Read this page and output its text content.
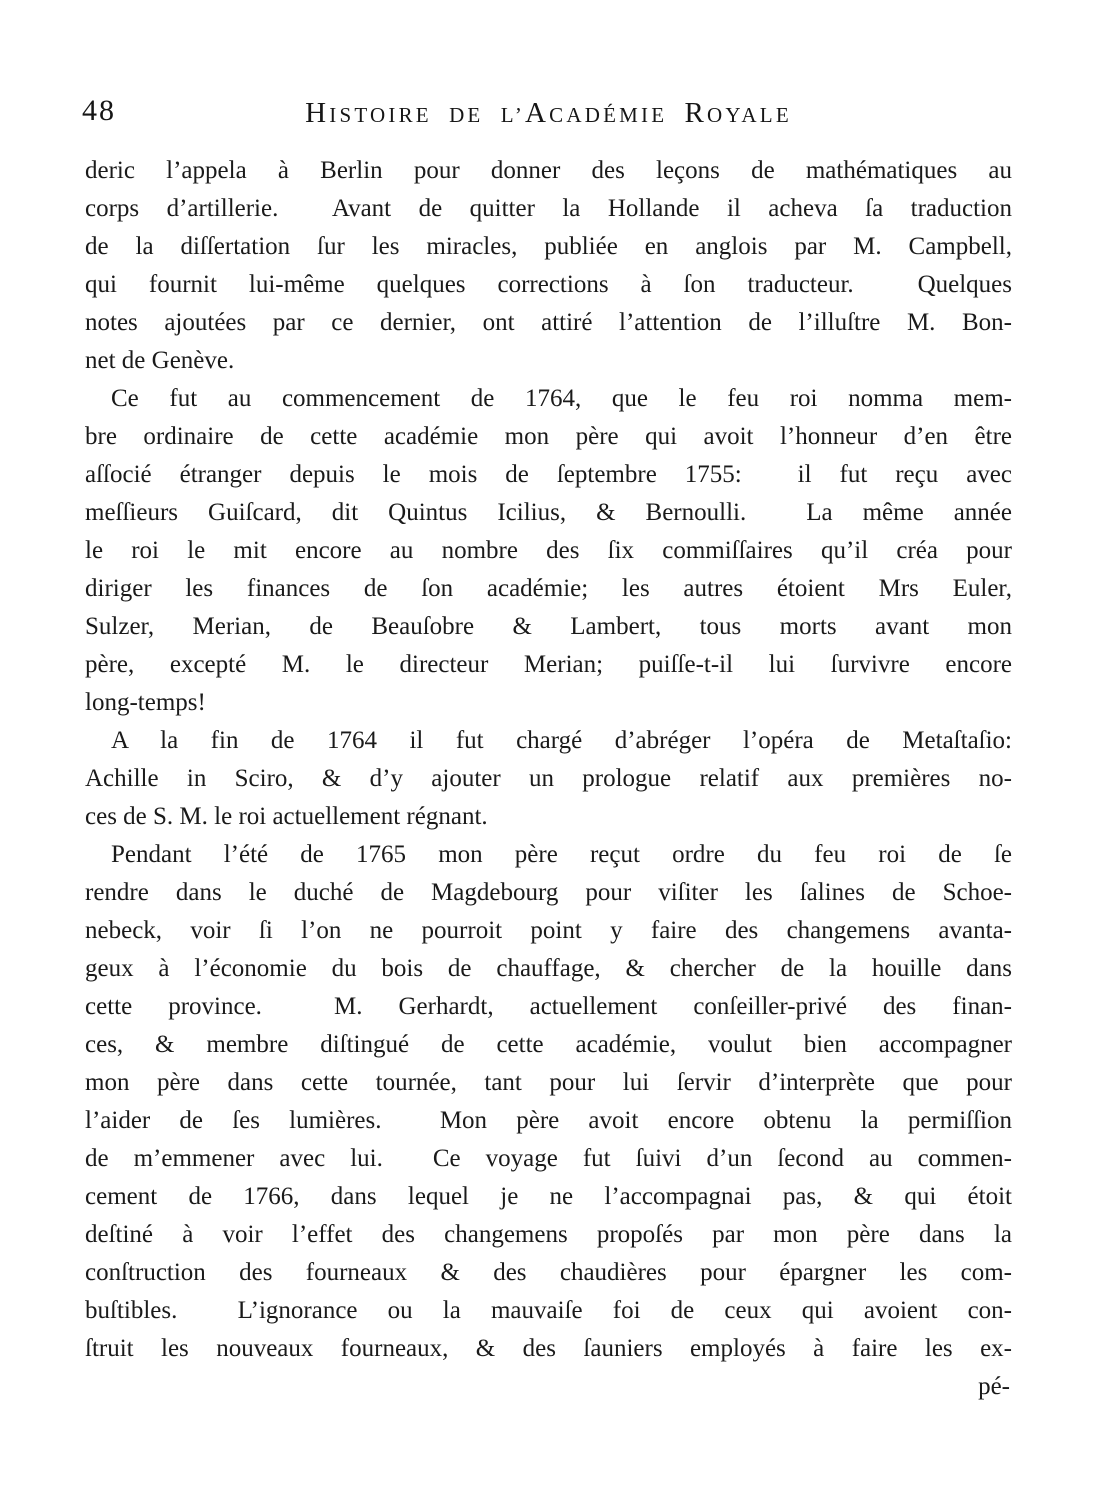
48	HISTOIRE DE L’ACADÉMIE ROYALE
deric l’appela à Berlin pour donner des leçons de mathématiques au
corps d’artillerie.  Avant de quitter la Hollande il acheva ſa traduction
de la diſſertation ſur les miracles, publiée en anglois par M. Campbell,
qui fournit lui-même quelques corrections à ſon traducteur.  Quelques
notes ajoutées par ce dernier, ont attiré l’attention de l’illuſtre M. Bon-
net de Genève.
Ce fut au commencement de 1764, que le feu roi nomma mem-
bre ordinaire de cette académie mon père qui avoit l’honneur d’en être
aſſocié étranger depuis le mois de ſeptembre 1755:  il fut reçu avec
meſſieurs Guiſcard, dit Quintus Icilius, & Bernoulli.  La même année
le roi le mit encore au nombre des ſix commiſſaires qu’il créa pour
diriger les finances de ſon académie; les autres étoient Mrs Euler,
Sulzer, Merian, de Beauſobre & Lambert, tous morts avant mon
père, excepté M. le directeur Merian; puiſſe-t-il lui ſurvivre encore
long-temps!
A la fin de 1764 il fut chargé d’abréger l’opéra de Metaſtaſio:
Achille in Sciro, & d’y ajouter un prologue relatif aux premières no-
ces de S. M. le roi actuellement régnant.
Pendant l’été de 1765 mon père reçut ordre du feu roi de ſe
rendre dans le duché de Magdebourg pour viſiter les ſalines de Schoe-
nebeck, voir ſi l’on ne pourroit point y faire des changemens avanta-
geux à l’économie du bois de chauffage, & chercher de la houille dans
cette province.  M. Gerhardt, actuellement conſeiller-privé des finan-
ces, & membre diſtingué de cette académie, voulut bien accompagner
mon père dans cette tournée, tant pour lui ſervir d’interprète que pour
l’aider de ſes lumières.  Mon père avoit encore obtenu la permiſſion
de m’emmener avec lui.  Ce voyage fut ſuivi d’un ſecond au commen-
cement de 1766, dans lequel je ne l’accompagnai pas, & qui étoit
deſtiné à voir l’effet des changemens propoſés par mon père dans la
conſtruction des fourneaux & des chaudières pour épargner les com-
buſtibles.  L’ignorance ou la mauvaiſe foi de ceux qui avoient con-
ſtruit les nouveaux fourneaux, & des ſauniers employés à faire les ex-
pé-
